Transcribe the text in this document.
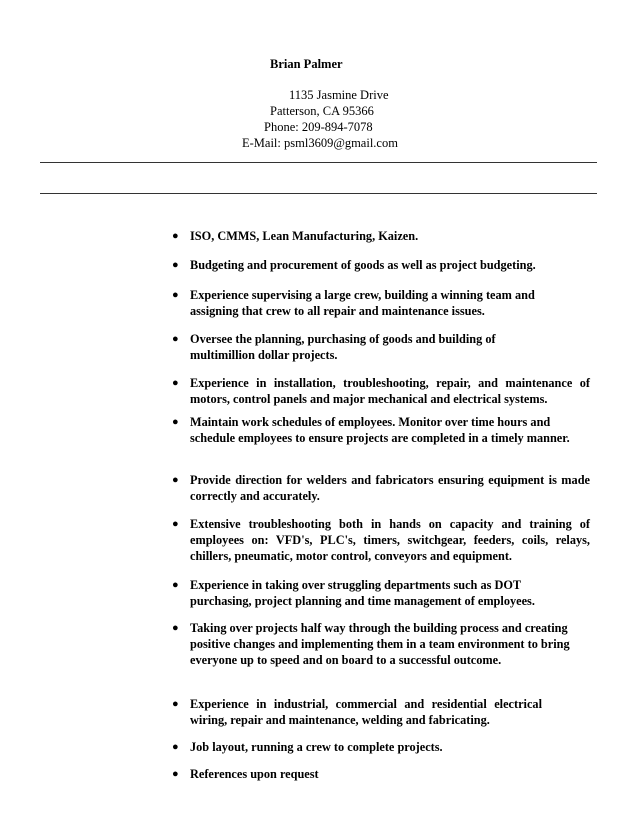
Brian Palmer
1135 Jasmine Drive
Patterson, CA 95366
Phone: 209-894-7078
E-Mail: psml3609@gmail.com
● ISO, CMMS, Lean Manufacturing, Kaizen.
● Budgeting and procurement of goods as well as project budgeting.
● Experience supervising a large crew, building a winning team and assigning that crew to all repair and maintenance issues.
● Oversee the planning, purchasing of goods and building of multimillion dollar projects.
● Experience in installation, troubleshooting, repair, and maintenance of motors, control panels and major mechanical and electrical systems.
● Maintain work schedules of employees. Monitor over time hours and schedule employees to ensure projects are completed in a timely manner.
● Provide direction for welders and fabricators ensuring equipment is made correctly and accurately.
● Extensive troubleshooting both in hands on capacity and training of employees on: VFD's, PLC's, timers, switchgear, feeders, coils, relays, chillers, pneumatic, motor control, conveyors and equipment.
● Experience in taking over struggling departments such as DOT purchasing, project planning and time management of employees.
● Taking over projects half way through the building process and creating positive changes and implementing them in a team environment to bring everyone up to speed and on board to a successful outcome.
● Experience in industrial, commercial and residential electrical wiring, repair and maintenance, welding and fabricating.
● Job layout, running a crew to complete projects.
● References upon request
